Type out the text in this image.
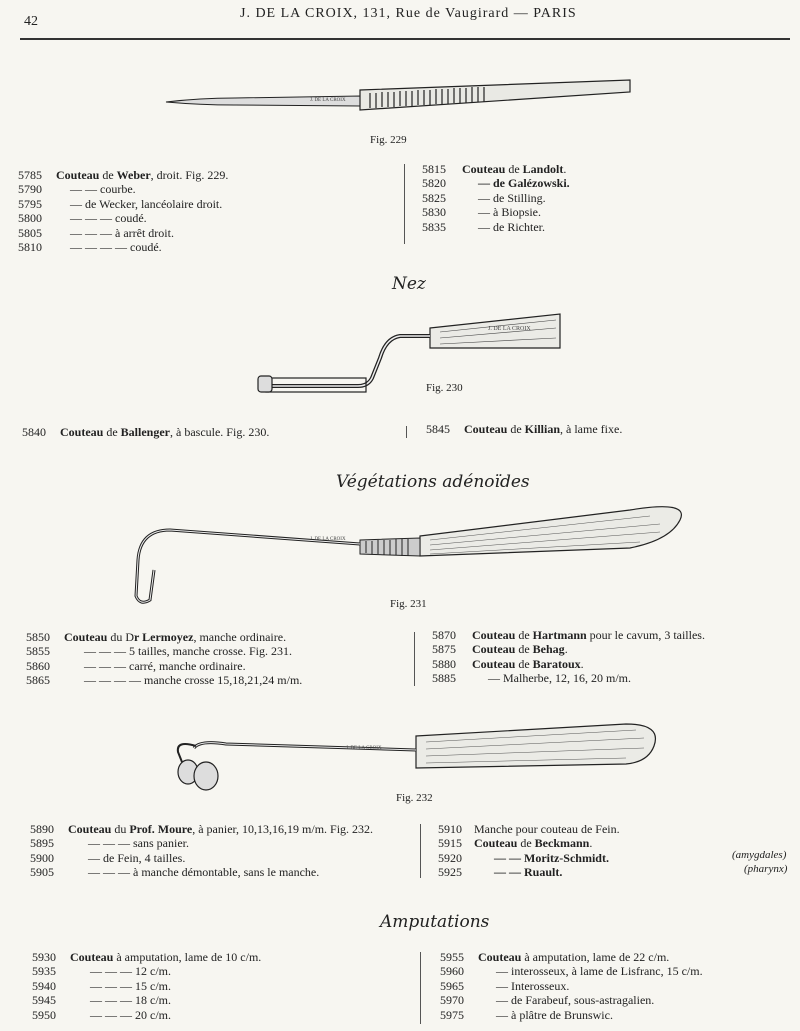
42
J. DE LA CROIX, 131, Rue de Vaugirard — PARIS
J. DE LA CROIX
Fig. 229
5785 Couteau de Weber, droit. Fig. 229.
5790 — — courbe.
5795 — de Wecker, lancéolaire droit.
5800 — — — coudé.
5805 — — — à arrêt droit.
5810 — — — — coudé.
5815 Couteau de Landolt.
5820	— de Galézowski.
5825	— de Stilling.
5830	— à Biopsie.
5835	— de Richter.
Nez
J. DE LA CROIX
Fig. 230
5840 Couteau de Ballenger, à bascule. Fig. 230.	5845 Couteau de Killian, à lame fixe.
Végétations adénoïdes
J. DE LA CROIX
Fig. 231
5850 Couteau du Dr Lermoyez, manche ordinaire.
5855	— — — 5 tailles, manche crosse. Fig. 231.
5860	— — — carré, manche ordinaire.
5865	— — — — manche crosse 15,18,21,24 m/m.
5870 Couteau de Hartmann pour le cavum, 3 tailles.
5875 Couteau de Behag.
5880 Couteau de Baratoux.
5885	— Malherbe, 12, 16, 20 m/m.
J. DE LA CROIX
Fig. 232
5890 Couteau du Prof. Moure, à panier, 10,13,16,19 m/m. Fig. 232.
5895	— — — sans panier.
5900	— de Fein, 4 tailles.
5905	— — — à manche démontable, sans le manche.
5910 Manche pour couteau de Fein.
5915 Couteau de Beckmann.
5920	— — Moritz-Schmidt.
5925	— — Ruault.
(amygdales)
(pharynx)
Amputations
5930 Couteau à amputation, lame de 10 c/m.
5935	— — — 12 c/m.
5940	— — — 15 c/m.
5945	— — — 18 c/m.
5950	— — — 20 c/m.
5955 Couteau à amputation, lame de 22 c/m.
5960	— interosseux, à lame de Lisfranc, 15 c/m.
5965	— Interosseux.
5970	— de Farabeuf, sous-astragalien.
5975	— à plâtre de Brunswic.
